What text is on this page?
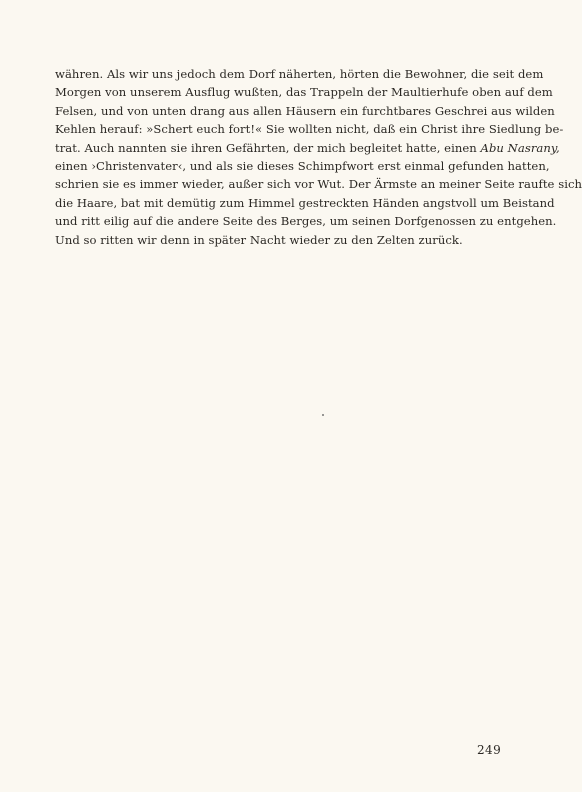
währen. Als wir uns jedoch dem Dorf näherten, hörten die Bewohner, die seit dem
Morgen von unserem Ausflug wußten, das Trappeln der Maultierhufe oben auf dem
Felsen, und von unten drang aus allen Häusern ein furchtbares Geschrei aus wilden
Kehlen herauf: »Schert euch fort!« Sie wollten nicht, daß ein Christ ihre Siedlung be-
trat. Auch nannten sie ihren Gefährten, der mich begleitet hatte, einen Abu Nasrany,
einen ›Christenvater‹, und als sie dieses Schimpfwort erst einmal gefunden hatten,
schrien sie es immer wieder, außer sich vor Wut. Der Ärmste an meiner Seite raufte sich
die Haare, bat mit demütig zum Himmel gestreckten Händen angstvoll um Beistand
und ritt eilig auf die andere Seite des Berges, um seinen Dorfgenossen zu entgehen.
Und so ritten wir denn in später Nacht wieder zu den Zelten zurück.
249
